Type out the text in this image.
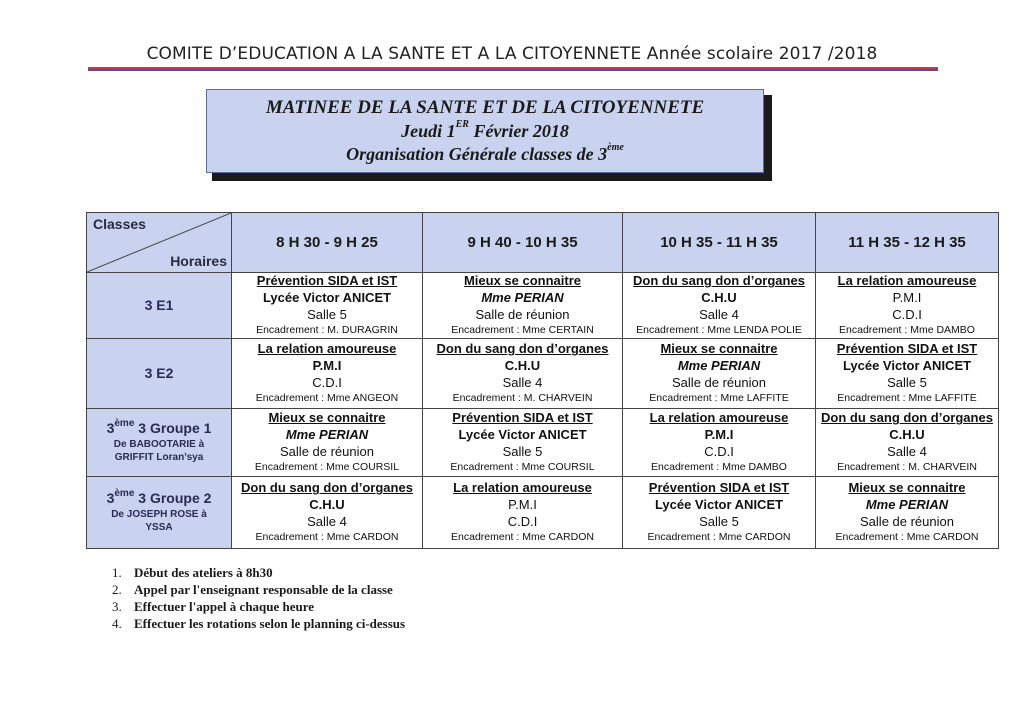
COMITE D’EDUCATION A LA SANTE ET A LA CITOYENNETE Année scolaire 2017 /2018
MATINEE DE LA SANTE ET DE LA CITOYENNETE
Jeudi 1ER Février 2018
Organisation Générale classes de 3ème
Classes
Horaires	8 H 30 - 9 H 25	9 H 40 - 10 H 35	10 H 35 - 11 H 35	11 H 35 - 12 H 35
3 E1	Prévention SIDA et IST
Lycée Victor ANICET
Salle 5
Encadrement : M. DURAGRIN	Mieux se connaitre
Mme PERIAN
Salle de réunion
Encadrement : Mme CERTAIN	Don du sang don d’organes
C.H.U
Salle 4
Encadrement : Mme LENDA POLIE	La relation amoureuse
P.M.I
C.D.I
Encadrement : Mme DAMBO

3 E2	La relation amoureuse
P.M.I
C.D.I
Encadrement : Mme ANGEON	Don du sang don d’organes
C.H.U
Salle 4
Encadrement : M. CHARVEIN	Mieux se connaitre
Mme PERIAN
Salle de réunion
Encadrement : Mme LAFFITE	Prévention SIDA et IST
Lycée Victor ANICET
Salle 5
Encadrement : Mme LAFFITE

3ème 3 Groupe 1
De BABOOTARIE à
GRIFFIT Loran’sya	Mieux se connaitre
Mme PERIAN
Salle de réunion
Encadrement : Mme COURSIL	Prévention SIDA et IST
Lycée Victor ANICET
Salle 5
Encadrement : Mme COURSIL	La relation amoureuse
P.M.I
C.D.I
Encadrement : Mme DAMBO	Don du sang don d’organes
C.H.U
Salle 4
Encadrement : M. CHARVEIN

3ème 3 Groupe 2
De JOSEPH ROSE à
YSSA	Don du sang don d’organes
C.H.U
Salle 4
Encadrement : Mme CARDON	La relation amoureuse
P.M.I
C.D.I
Encadrement : Mme CARDON	Prévention SIDA et IST
Lycée Victor ANICET
Salle 5
Encadrement : Mme CARDON	Mieux se connaitre
Mme PERIAN
Salle de réunion
Encadrement : Mme CARDON
1. Début des ateliers à 8h30
2. Appel par l'enseignant responsable de la classe
3. Effectuer l'appel à chaque heure
4. Effectuer les rotations selon le planning ci-dessus
